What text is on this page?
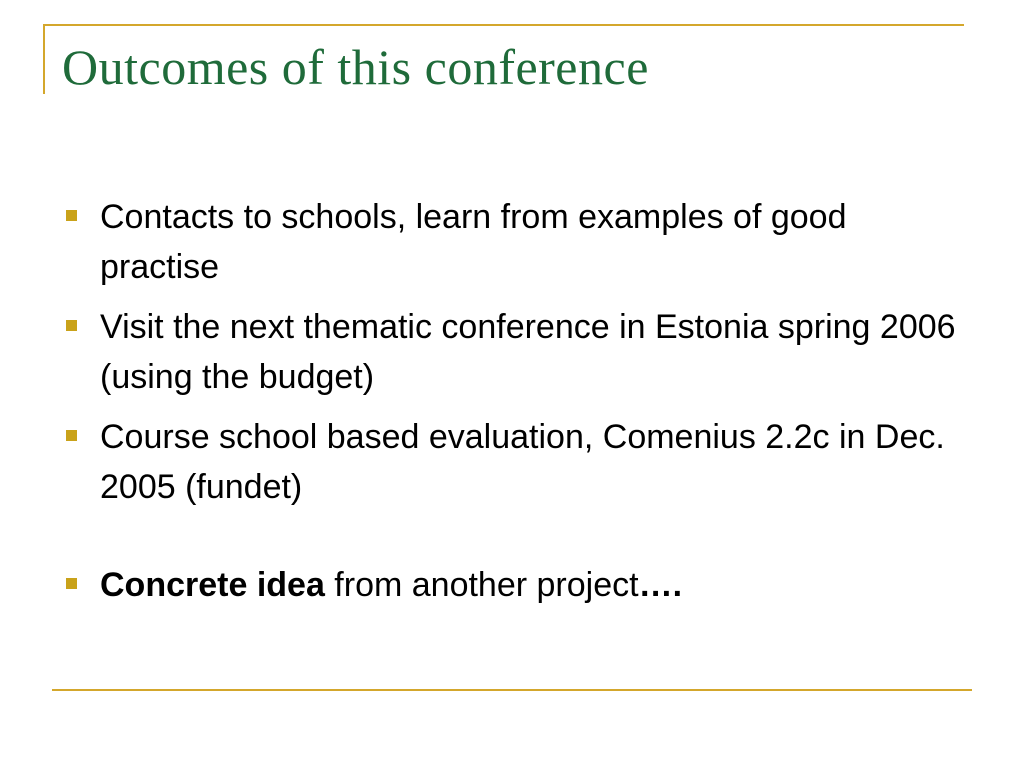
Outcomes of this conference
Contacts to schools, learn from examples of good practise
Visit the next thematic conference in Estonia spring 2006 (using the budget)
Course school based evaluation, Comenius 2.2c in Dec. 2005 (fundet)
Concrete idea from another project….
